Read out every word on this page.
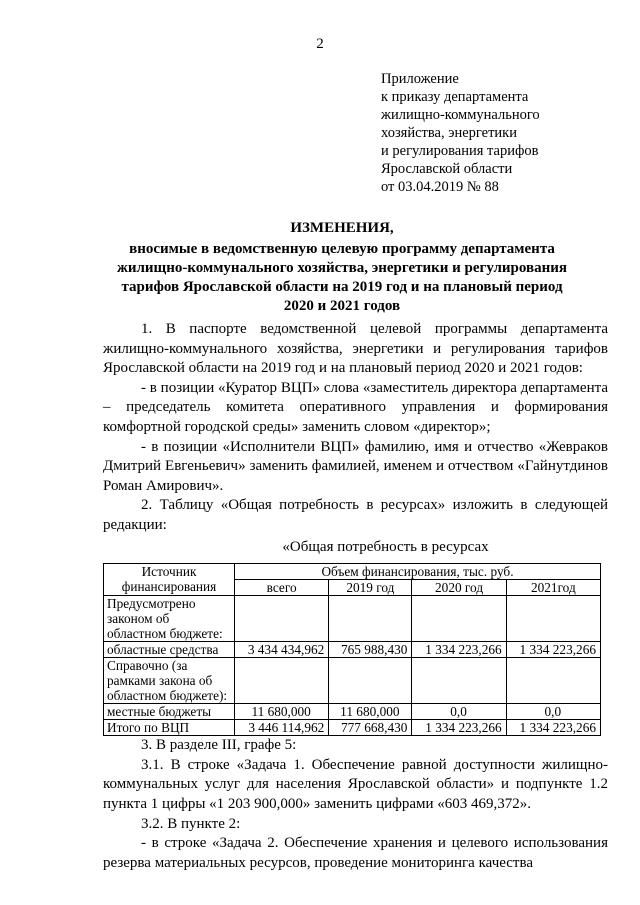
2
Приложение
к приказу департамента
жилищно-коммунального
хозяйства, энергетики
и регулирования тарифов
Ярославской области
от 03.04.2019 № 88
ИЗМЕНЕНИЯ,
вносимые в ведомственную целевую программу департамента
жилищно-коммунального хозяйства, энергетики и регулирования
тарифов Ярославской области на 2019 год и на плановый период
2020 и 2021 годов

1. В паспорте ведомственной целевой программы департамента жилищно-коммунального хозяйства, энергетики и регулирования тарифов Ярославской области на 2019 год и на плановый период 2020 и 2021 годов:

- в позиции «Куратор ВЦП» слова «заместитель директора департамента – председатель комитета оперативного управления и формирования комфортной городской среды» заменить словом «директор»;

- в позиции «Исполнители ВЦП» фамилию, имя и отчество «Жевраков Дмитрий Евгеньевич» заменить фамилией, именем и отчеством «Гайнутдинов Роман Амирович».

2. Таблицу «Общая потребность в ресурсах» изложить в следующей редакции:

«Общая потребность в ресурсах
Источник финансирования	Объем финансирования, тыс. руб.			
	всего	2019 год	2020 год	2021год
Предусмотрено законом об областном бюджете:				
областные средства	3 434 434,962	765 988,430	1 334 223,266	1 334 223,266
Справочно (за рамками закона об областном бюджете):				
местные бюджеты	11 680,000	11 680,000	0,0	0,0
Итого по ВЦП	3 446 114,962	777 668,430	1 334 223,266	1 334 223,266

3. В разделе III, графе 5:

3.1. В строке «Задача 1. Обеспечение равной доступности жилищно-коммунальных услуг для населения Ярославской области» и подпункте 1.2 пункта 1 цифры «1 203 900,000» заменить цифрами «603 469,372».

3.2. В пункте 2:

- в строке «Задача 2. Обеспечение хранения и целевого использования резерва материальных ресурсов, проведение мониторинга качества
